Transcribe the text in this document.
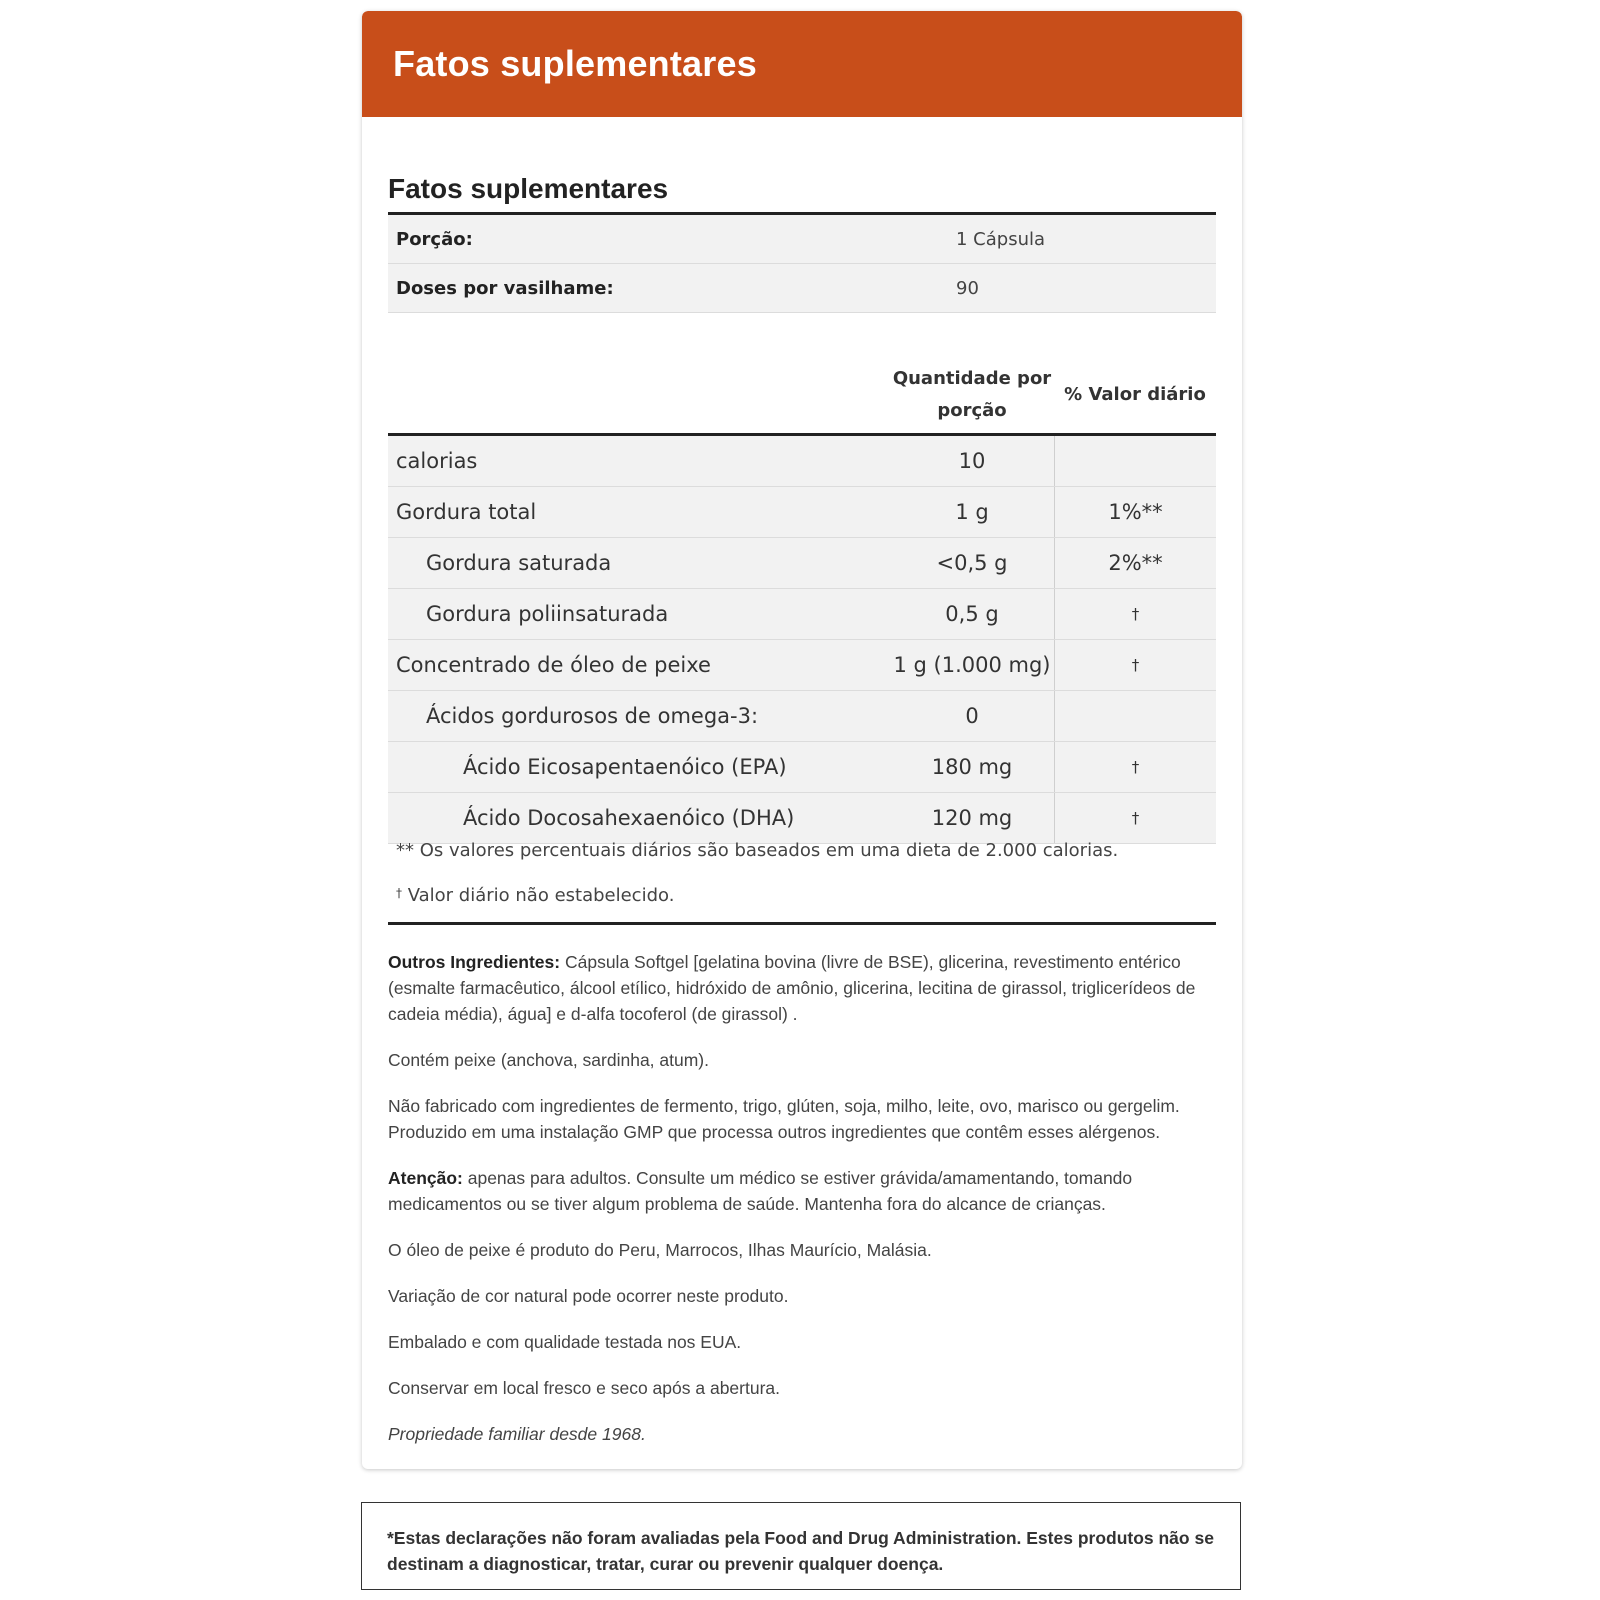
Fatos suplementares
Fatos suplementares
Porção:	1 Cápsula
Doses por vasilhame:	90
Quantidade por
porção
% Valor diário
calorias	10
Gordura total	1 g	1%**
Gordura saturada	<0,5 g	2%**
Gordura poliinsaturada	0,5 g	†
Concentrado de óleo de peixe	1 g (1.000 mg)	†
Ácidos gordurosos de omega-3:	0
Ácido Eicosapentaenóico (EPA)	180 mg	†
Ácido Docosahexaenóico (DHA)	120 mg	†

** Os valores percentuais diários são baseados em uma dieta de 2.000 calorias.

† Valor diário não estabelecido.

Outros Ingredientes: Cápsula Softgel [gelatina bovina (livre de BSE), glicerina, revestimento entérico (esmalte farmacêutico, álcool etílico, hidróxido de amônio, glicerina, lecitina de girassol, triglicerídeos de cadeia média), água] e d-alfa tocoferol (de girassol) .

Contém peixe (anchova, sardinha, atum).

Não fabricado com ingredientes de fermento, trigo, glúten, soja, milho, leite, ovo, marisco ou gergelim.
Produzido em uma instalação GMP que processa outros ingredientes que contêm esses alérgenos.

Atenção: apenas para adultos. Consulte um médico se estiver grávida/amamentando, tomando medicamentos ou se tiver algum problema de saúde. Mantenha fora do alcance de crianças.

O óleo de peixe é produto do Peru, Marrocos, Ilhas Maurício, Malásia.

Variação de cor natural pode ocorrer neste produto.

Embalado e com qualidade testada nos EUA.

Conservar em local fresco e seco após a abertura.

Propriedade familiar desde 1968.

*Estas declarações não foram avaliadas pela Food and Drug Administration. Estes produtos não se destinam a diagnosticar, tratar, curar ou prevenir qualquer doença.
